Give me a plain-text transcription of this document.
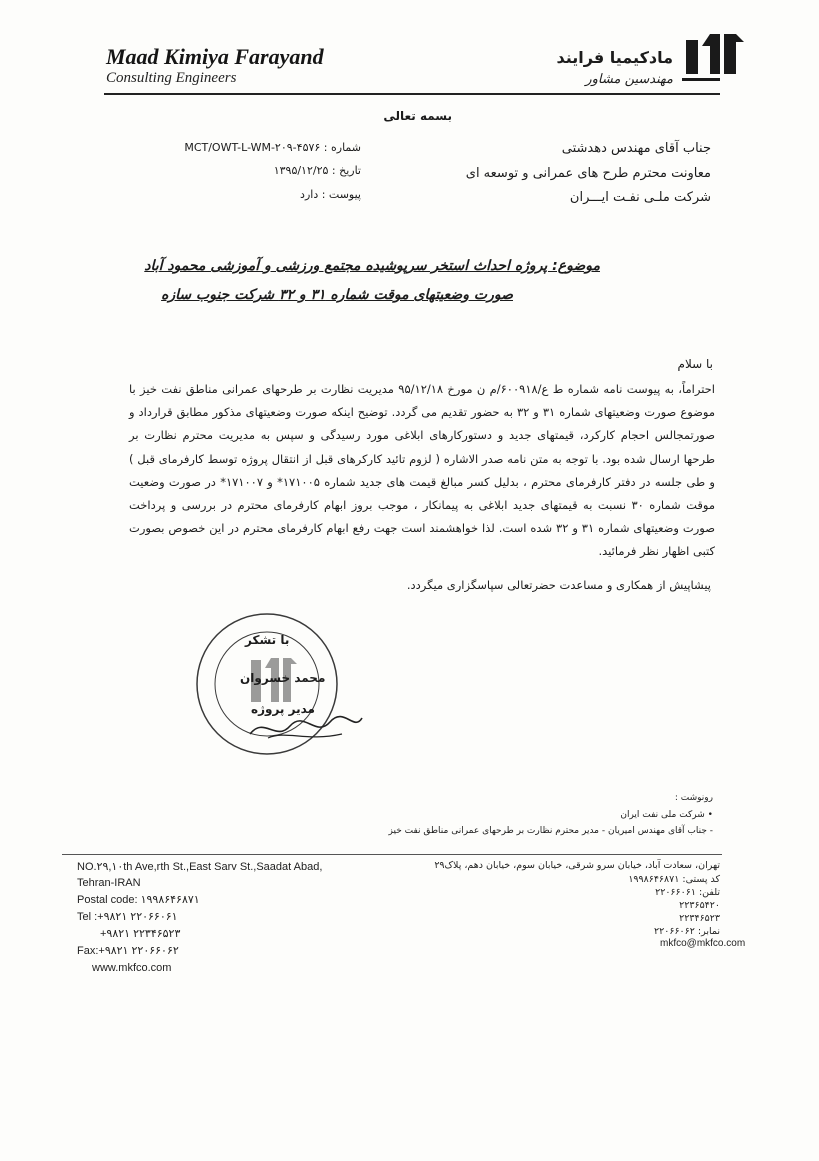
Maad Kimiya Farayand
Consulting Engineers
مادکیمیا فرایند
مهندسین مشاور
بسمه تعالی
جناب آقای مهندس دهدشتی
معاونت محترم طرح های عمرانی و توسعه ای
شرکت ملـی نفـت ایـــران
شماره : ۴۵۷۶-MCT/OWT-L-WM-۲۰۹
تاریخ : ۱۳۹۵/۱۲/۲۵
پیوست : دارد
موضوع: پروژه احداث استخر سرپوشیده مجتمع ورزشی و آموزشی محمود آباد
صورت وضعیتهای موقت شماره ۳۱ و ۳۲ شرکت جنوب سازه
با سلام

احتراماً، به پیوست نامه شماره ط ع/۶۰۰۹۱۸/م ن مورخ ۹۵/۱۲/۱۸ مدیریت نظارت بر طرحهای عمرانی مناطق نفت خیز با موضوع صورت وضعیتهای شماره ۳۱ و ۳۲ به حضور تقدیم می گردد. توضیح اینکه صورت وضعیتهای مذکور مطابق قرارداد و صورتمجالس احجام کارکرد، قیمتهای جدید و دستورکارهای ابلاغی مورد رسیدگی و سپس به مدیریت محترم نظارت بر طرحها ارسال شده بود. با توجه به متن نامه صدر الاشاره ( لزوم تائید کارکرهای قبل از انتقال پروژه توسط کارفرمای قبل ) و طی جلسه در دفتر کارفرمای محترم ، بدلیل کسر مبالغ قیمت های جدید شماره ۱۷۱۰۰۵* و ۱۷۱۰۰۷* در صورت وضعیت موقت شماره ۳۰ نسبت به قیمتهای جدید ابلاغی به پیمانکار ، موجب بروز ابهام کارفرمای محترم در بررسی و پرداخت صورت وضعیتهای شماره ۳۱ و ۳۲ شده است. لذا خواهشمند است جهت رفع ابهام کارفرمای محترم در این خصوص بصورت کتبی اظهار نظر فرمائید.

پیشاپیش از همکاری و مساعدت حضرتعالی سپاسگزاری میگردد.
با تشکر
محمد خسروان
مدیر پروژه
رونوشت :
• شرکت ملی نفت ایران
- جناب آقای مهندس امیریان - مدیر محترم نظارت بر طرحهای عمرانی مناطق نفت خیز
NO.۲۹,۱۰th Ave,rth St.,East Sarv St.,Saadat Abad,
Tehran-IRAN
Postal code: ۱۹۹۸۶۴۶۸۷۱
Tel :+۹۸۲۱ ۲۲۰۶۶۰۶۱
+۹۸۲۱ ۲۲۳۴۶۵۲۳
Fax:+۹۸۲۱ ۲۲۰۶۶۰۶۲
www.mkfco.com
تهران، سعادت آباد، خیابان سرو شرقی، خیابان سوم، خیابان دهم، پلاک۲۹
کد پستی: ۱۹۹۸۶۴۶۸۷۱
تلفن: ۲۲۰۶۶۰۶۱
۲۲۳۶۵۴۲۰
۲۲۳۴۶۵۲۳
نمابر: ۲۲۰۶۶۰۶۲
mkfco@mkfco.com
